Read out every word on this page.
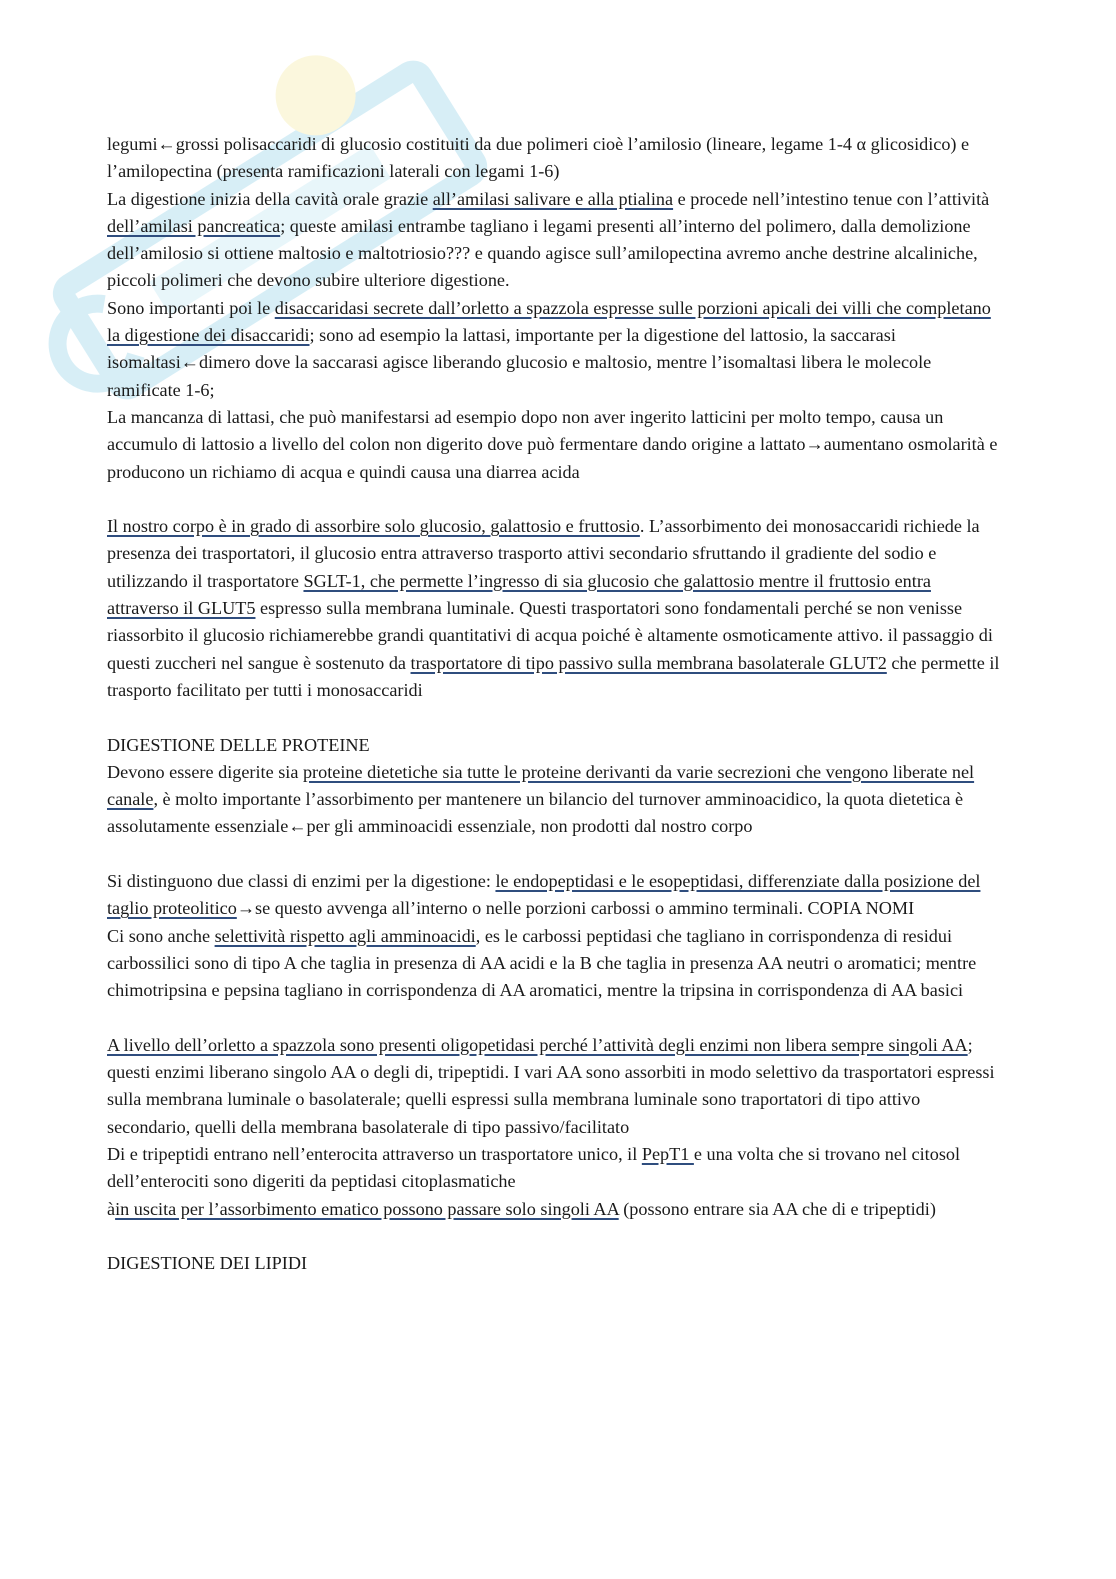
legumi←grossi polisaccaridi di glucosio costituiti da due polimeri cioè l’amilosio (lineare, legame 1-4 α glicosidico) e l’amilopectina (presenta ramificazioni laterali con legami 1-6)

La digestione inizia della cavità orale grazie all’amilasi salivare e alla ptialina e procede nell’intestino tenue con l’attività dell’amilasi pancreatica; queste amilasi entrambe tagliano i legami presenti all’interno del polimero, dalla demolizione dell’amilosio si ottiene maltosio e maltotriosio??? e quando agisce sull’amilopectina avremo anche destrine alcaliniche, piccoli polimeri che devono subire ulteriore digestione.

Sono importanti poi le disaccaridasi secrete dall’orletto a spazzola espresse sulle porzioni apicali dei villi che completano la digestione dei disaccaridi; sono ad esempio la lattasi, importante per la digestione del lattosio, la saccarasi isomaltasi←dimero dove la saccarasi agisce liberando glucosio e maltosio, mentre l’isomaltasi libera le molecole ramificate 1-6;

La mancanza di lattasi, che può manifestarsi ad esempio dopo non aver ingerito latticini per molto tempo, causa un accumulo di lattosio a livello del colon non digerito dove può fermentare dando origine a lattato→aumentano osmolarità e producono un richiamo di acqua e quindi causa una diarrea acida

Il nostro corpo è in grado di assorbire solo glucosio, galattosio e fruttosio. L’assorbimento dei monosaccaridi richiede la presenza dei trasportatori, il glucosio entra attraverso trasporto attivi secondario sfruttando il gradiente del sodio e utilizzando il trasportatore SGLT-1, che permette l’ingresso di sia glucosio che galattosio mentre il fruttosio entra attraverso il GLUT5 espresso sulla membrana luminale. Questi trasportatori sono fondamentali perché se non venisse riassorbito il glucosio richiamerebbe grandi quantitativi di acqua poiché è altamente osmoticamente attivo. il passaggio di questi zuccheri nel sangue è sostenuto da trasportatore di tipo passivo sulla membrana basolaterale GLUT2 che permette il trasporto facilitato per tutti i monosaccaridi

DIGESTIONE DELLE PROTEINE

Devono essere digerite sia proteine dietetiche sia tutte le proteine derivanti da varie secrezioni che vengono liberate nel canale, è molto importante l’assorbimento per mantenere un bilancio del turnover amminoacidico, la quota dietetica è assolutamente essenziale←per gli amminoacidi essenziale, non prodotti dal nostro corpo

Si distinguono due classi di enzimi per la digestione: le endopeptidasi e le esopeptidasi, differenziate dalla posizione del taglio proteolitico→se questo avvenga all’interno o nelle porzioni carbossi o ammino terminali. COPIA NOMI

Ci sono anche selettività rispetto agli amminoacidi, es le carbossi peptidasi che tagliano in corrispondenza di residui carbossilici sono di tipo A che taglia in presenza di AA acidi e la B che taglia in presenza AA neutri o aromatici; mentre chimotripsina e pepsina tagliano in corrispondenza di AA aromatici, mentre la tripsina in corrispondenza di AA basici

A livello dell’orletto a spazzola sono presenti oligopetidasi perché l’attività degli enzimi non libera sempre singoli AA; questi enzimi liberano singolo AA o degli di, tripeptidi. I vari AA sono assorbiti in modo selettivo da trasportatori espressi sulla membrana luminale o basolaterale; quelli espressi sulla membrana luminale sono traportatori di tipo attivo secondario, quelli della membrana basolaterale di tipo passivo/facilitato

Di e tripeptidi entrano nell’enterocita attraverso un trasportatore unico, il PepT1 e una volta che si trovano nel citosol dell’enterociti sono digeriti da peptidasi citoplasmatiche

àin uscita per l’assorbimento ematico possono passare solo singoli AA (possono entrare sia AA che di e tripeptidi)

DIGESTIONE DEI LIPIDI
